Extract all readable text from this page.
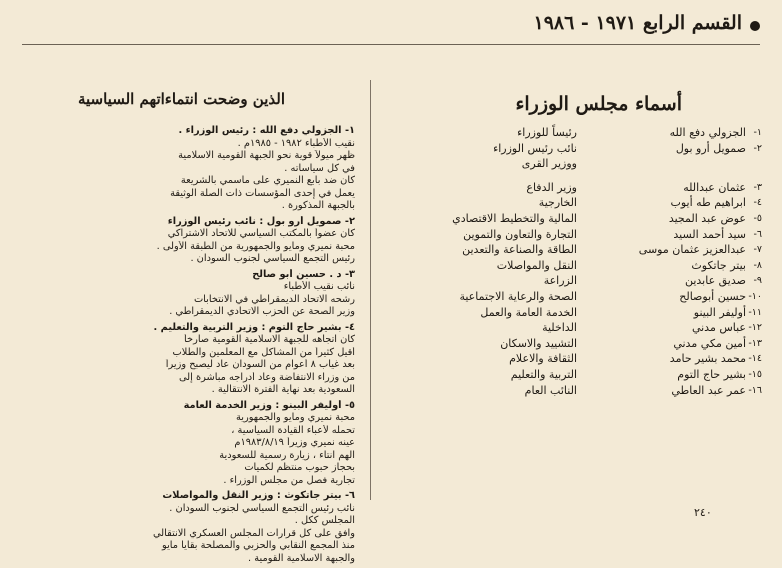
القسم الرابع ١٩٧١ - ١٩٨٦
أسماء مجلس الوزراء
١-
الجزولي دفع الله
رئيساً للوزراء
٢-
صمويل أرو بول
نائب رئيس الوزراء
ووزير القرى
٣-
عثمان عبدالله
وزير الدفاع
٤-
ابراهيم طه أيوب
الخارجية
٥-
عوض عبد المجيد
المالية والتخطيط الاقتصادي
٦-
سيد أحمد السيد
التجارة والتعاون والتموين
٧-
عبدالعزيز عثمان موسى
الطاقة والصناعة والتعدين
٨-
بيتر جاتكوث
النقل والمواصلات
٩-
صديق عابدين
الزراعة
١٠-
حسين أبوصالح
الصحة والرعاية الاجتماعية
١١-
أوليفر البينو
الخدمة العامة والعمل
١٢-
عباس مدني
الداخلية
١٣-
أمين مكي مدني
التشييد والاسكان
١٤-
محمد بشير حامد
الثقافة والاعلام
١٥-
بشير حاج التوم
التربية والتعليم
١٦-
عمر عبد العاطي
النائب العام
الذين وضحت انتماءاتهم السياسية
١- الجزولي دفع الله : رئيس الوزراء .
نقيب الأطباء ١٩٨٢ - ١٩٨٥م .
ظهر ميولاً قوية نحو الجبهة القومية الاسلامية
في كل سياساته .
كان ضد بابع النميري على ماسمي بالشريعة
يعمل في إحدى المؤسسات ذات الصلة الوثيقة
بالجبهة المذكورة .
٢- صمويل أرو بول : نائب رئيس الوزراء
كان عضواً بالمكتب السياسي للاتحاد الاشتراكي
محبة نميري ومايو والجمهورية من الطبقة الأولى .
رئيس التجمع السياسي لجنوب السودان .
٣- د . حسين أبو صالح
نائب نقيب الأطباء
رشحه الاتحاد الديمقراطي في الانتخابات
وزير الصحة عن الحزب الاتحادي الديمقراطي .
٤- بشير حاج التوم : وزير التربية والتعليم .
كان اتجاهه للجبهة الاسلامية القومية صارخاً
أقيل كثيراً من المشاكل مع المعلمين والطلاب
بعد غياب ٨ أعوام من السودان عاد ليصبح وزيراً
من وزراء الانتفاضة وعاد أدراجه مباشرة إلى
السعودية بعد نهاية الفترة الانتقالية .
٥- أوليفر البينو : وزير الخدمة العامة
محبة نميري ومايو والجمهورية
تحمله لأعباء القيادة السياسية ،
عينه نميري وزيراً ١٩٨٣/٨/١٩م
الهم انتاء ، زيارة رسمية للسعودية
بحجاز حبوب منتظم لكميات
تجارية فصل من مجلس الوزراء .
٦- بيتر جاتكوث : وزير النقل والمواصلات
نائب رئيس التجمع السياسي لجنوب السودان .
المجلس ككل .
وافق على كل قرارات المجلس العسكري الانتقالي
منذ المجمع النقابي والحزبي والمصلحة بقايا مايو
والجبهة الاسلامية القومية .
٢٤٠
